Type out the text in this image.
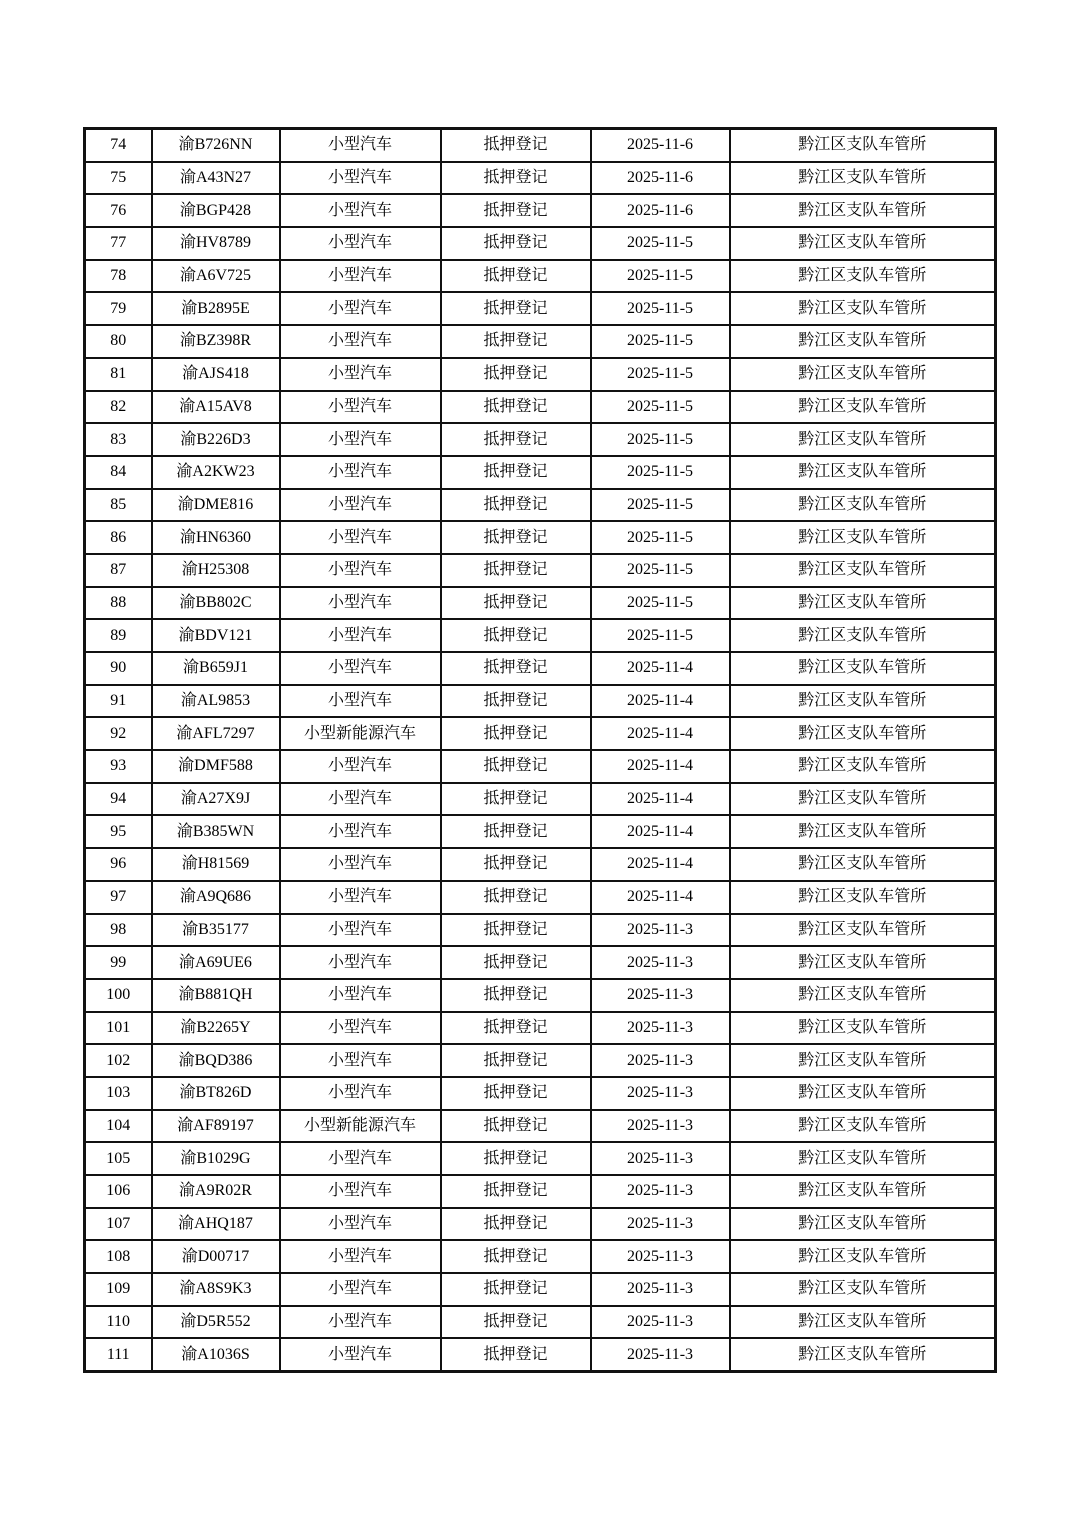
74	渝B726NN	小型汽车	抵押登记	2025-11-6	黔江区支队车管所
75	渝A43N27	小型汽车	抵押登记	2025-11-6	黔江区支队车管所
76	渝BGP428	小型汽车	抵押登记	2025-11-6	黔江区支队车管所
77	渝HV8789	小型汽车	抵押登记	2025-11-5	黔江区支队车管所
78	渝A6V725	小型汽车	抵押登记	2025-11-5	黔江区支队车管所
79	渝B2895E	小型汽车	抵押登记	2025-11-5	黔江区支队车管所
80	渝BZ398R	小型汽车	抵押登记	2025-11-5	黔江区支队车管所
81	渝AJS418	小型汽车	抵押登记	2025-11-5	黔江区支队车管所
82	渝A15AV8	小型汽车	抵押登记	2025-11-5	黔江区支队车管所
83	渝B226D3	小型汽车	抵押登记	2025-11-5	黔江区支队车管所
84	渝A2KW23	小型汽车	抵押登记	2025-11-5	黔江区支队车管所
85	渝DME816	小型汽车	抵押登记	2025-11-5	黔江区支队车管所
86	渝HN6360	小型汽车	抵押登记	2025-11-5	黔江区支队车管所
87	渝H25308	小型汽车	抵押登记	2025-11-5	黔江区支队车管所
88	渝BB802C	小型汽车	抵押登记	2025-11-5	黔江区支队车管所
89	渝BDV121	小型汽车	抵押登记	2025-11-5	黔江区支队车管所
90	渝B659J1	小型汽车	抵押登记	2025-11-4	黔江区支队车管所
91	渝AL9853	小型汽车	抵押登记	2025-11-4	黔江区支队车管所
92	渝AFL7297	小型新能源汽车	抵押登记	2025-11-4	黔江区支队车管所
93	渝DMF588	小型汽车	抵押登记	2025-11-4	黔江区支队车管所
94	渝A27X9J	小型汽车	抵押登记	2025-11-4	黔江区支队车管所
95	渝B385WN	小型汽车	抵押登记	2025-11-4	黔江区支队车管所
96	渝H81569	小型汽车	抵押登记	2025-11-4	黔江区支队车管所
97	渝A9Q686	小型汽车	抵押登记	2025-11-4	黔江区支队车管所
98	渝B35177	小型汽车	抵押登记	2025-11-3	黔江区支队车管所
99	渝A69UE6	小型汽车	抵押登记	2025-11-3	黔江区支队车管所
100	渝B881QH	小型汽车	抵押登记	2025-11-3	黔江区支队车管所
101	渝B2265Y	小型汽车	抵押登记	2025-11-3	黔江区支队车管所
102	渝BQD386	小型汽车	抵押登记	2025-11-3	黔江区支队车管所
103	渝BT826D	小型汽车	抵押登记	2025-11-3	黔江区支队车管所
104	渝AF89197	小型新能源汽车	抵押登记	2025-11-3	黔江区支队车管所
105	渝B1029G	小型汽车	抵押登记	2025-11-3	黔江区支队车管所
106	渝A9R02R	小型汽车	抵押登记	2025-11-3	黔江区支队车管所
107	渝AHQ187	小型汽车	抵押登记	2025-11-3	黔江区支队车管所
108	渝D00717	小型汽车	抵押登记	2025-11-3	黔江区支队车管所
109	渝A8S9K3	小型汽车	抵押登记	2025-11-3	黔江区支队车管所
110	渝D5R552	小型汽车	抵押登记	2025-11-3	黔江区支队车管所
111	渝A1036S	小型汽车	抵押登记	2025-11-3	黔江区支队车管所
